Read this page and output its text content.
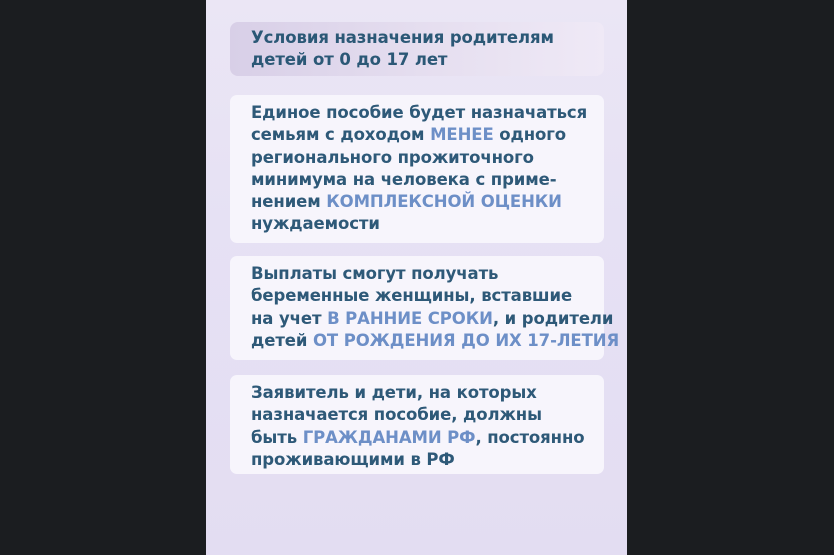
Условия назначения родителям
детей от 0 до 17 лет
Единое пособие будет назначаться
семьям с доходом МЕНЕЕ одного
регионального прожиточного
минимума на человека с приме-
нением КОМПЛЕКСНОЙ ОЦЕНКИ
нуждаемости
Выплаты смогут получать
беременные женщины, вставшие
на учет В РАННИЕ СРОКИ, и родители
детей ОТ РОЖДЕНИЯ ДО ИХ 17-ЛЕТИЯ
Заявитель и дети, на которых
назначается пособие, должны
быть ГРАЖДАНАМИ РФ, постоянно
проживающими в РФ
